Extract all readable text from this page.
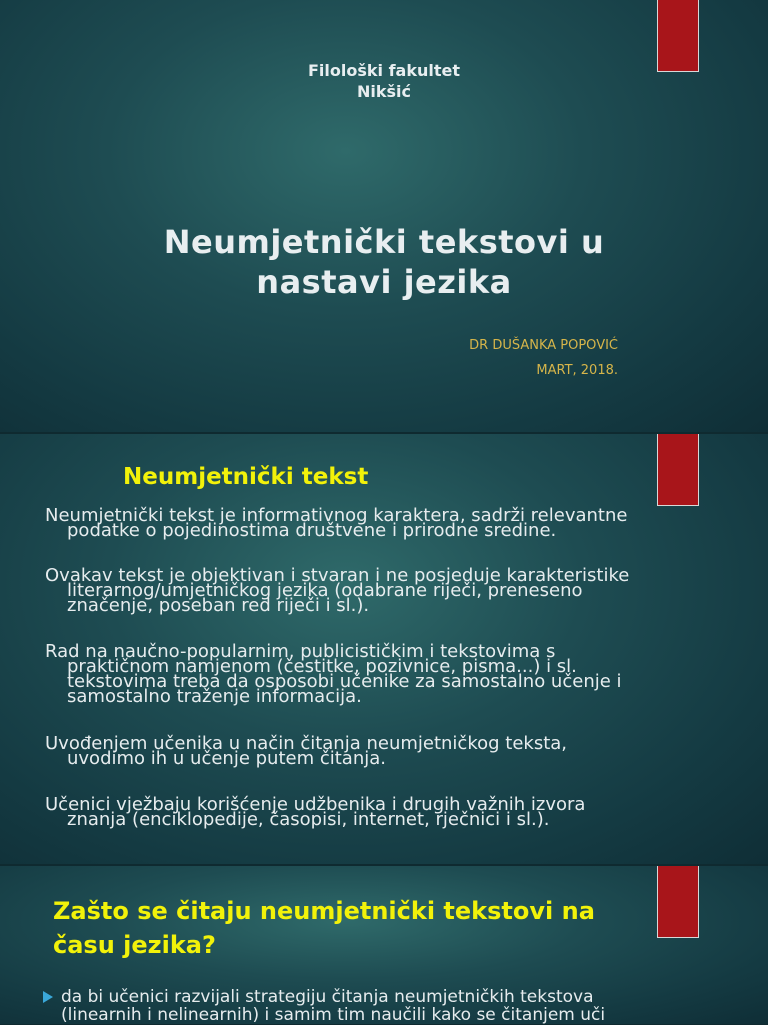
Filološki fakultet
Nikšić
Neumjetnički tekstovi u
nastavi jezika
DR DUŠANKA POPOVIĆ
MART, 2018.
Neumjetnički tekst
Neumjetnički tekst je informativnog karaktera, sadrži relevantne
podatke o pojedinostima društvene i prirodne sredine.
Ovakav tekst je objektivan i stvaran i ne posjeduje karakteristike
literarnog/umjetničkog jezika (odabrane riječi, preneseno
značenje, poseban red riječi i sl.).
Rad na naučno-popularnim, publicističkim i tekstovima s
praktičnom namjenom (čestitke, pozivnice, pisma...) i sl.
tekstovima treba da osposobi učenike za samostalno učenje i
samostalno traženje informacija.
Uvođenjem učenika u način čitanja neumjetničkog teksta,
uvodimo ih u učenje putem čitanja.
Učenici vježbaju korišćenje udžbenika i drugih važnih izvora
znanja (enciklopedije, časopisi, internet, rječnici i sl.).
Zašto se čitaju neumjetnički tekstovi na
času jezika?
da bi učenici razvijali strategiju čitanja neumjetničkih tekstova
(linearnih i nelinearnih) i samim tim naučili kako se čitanjem uči
